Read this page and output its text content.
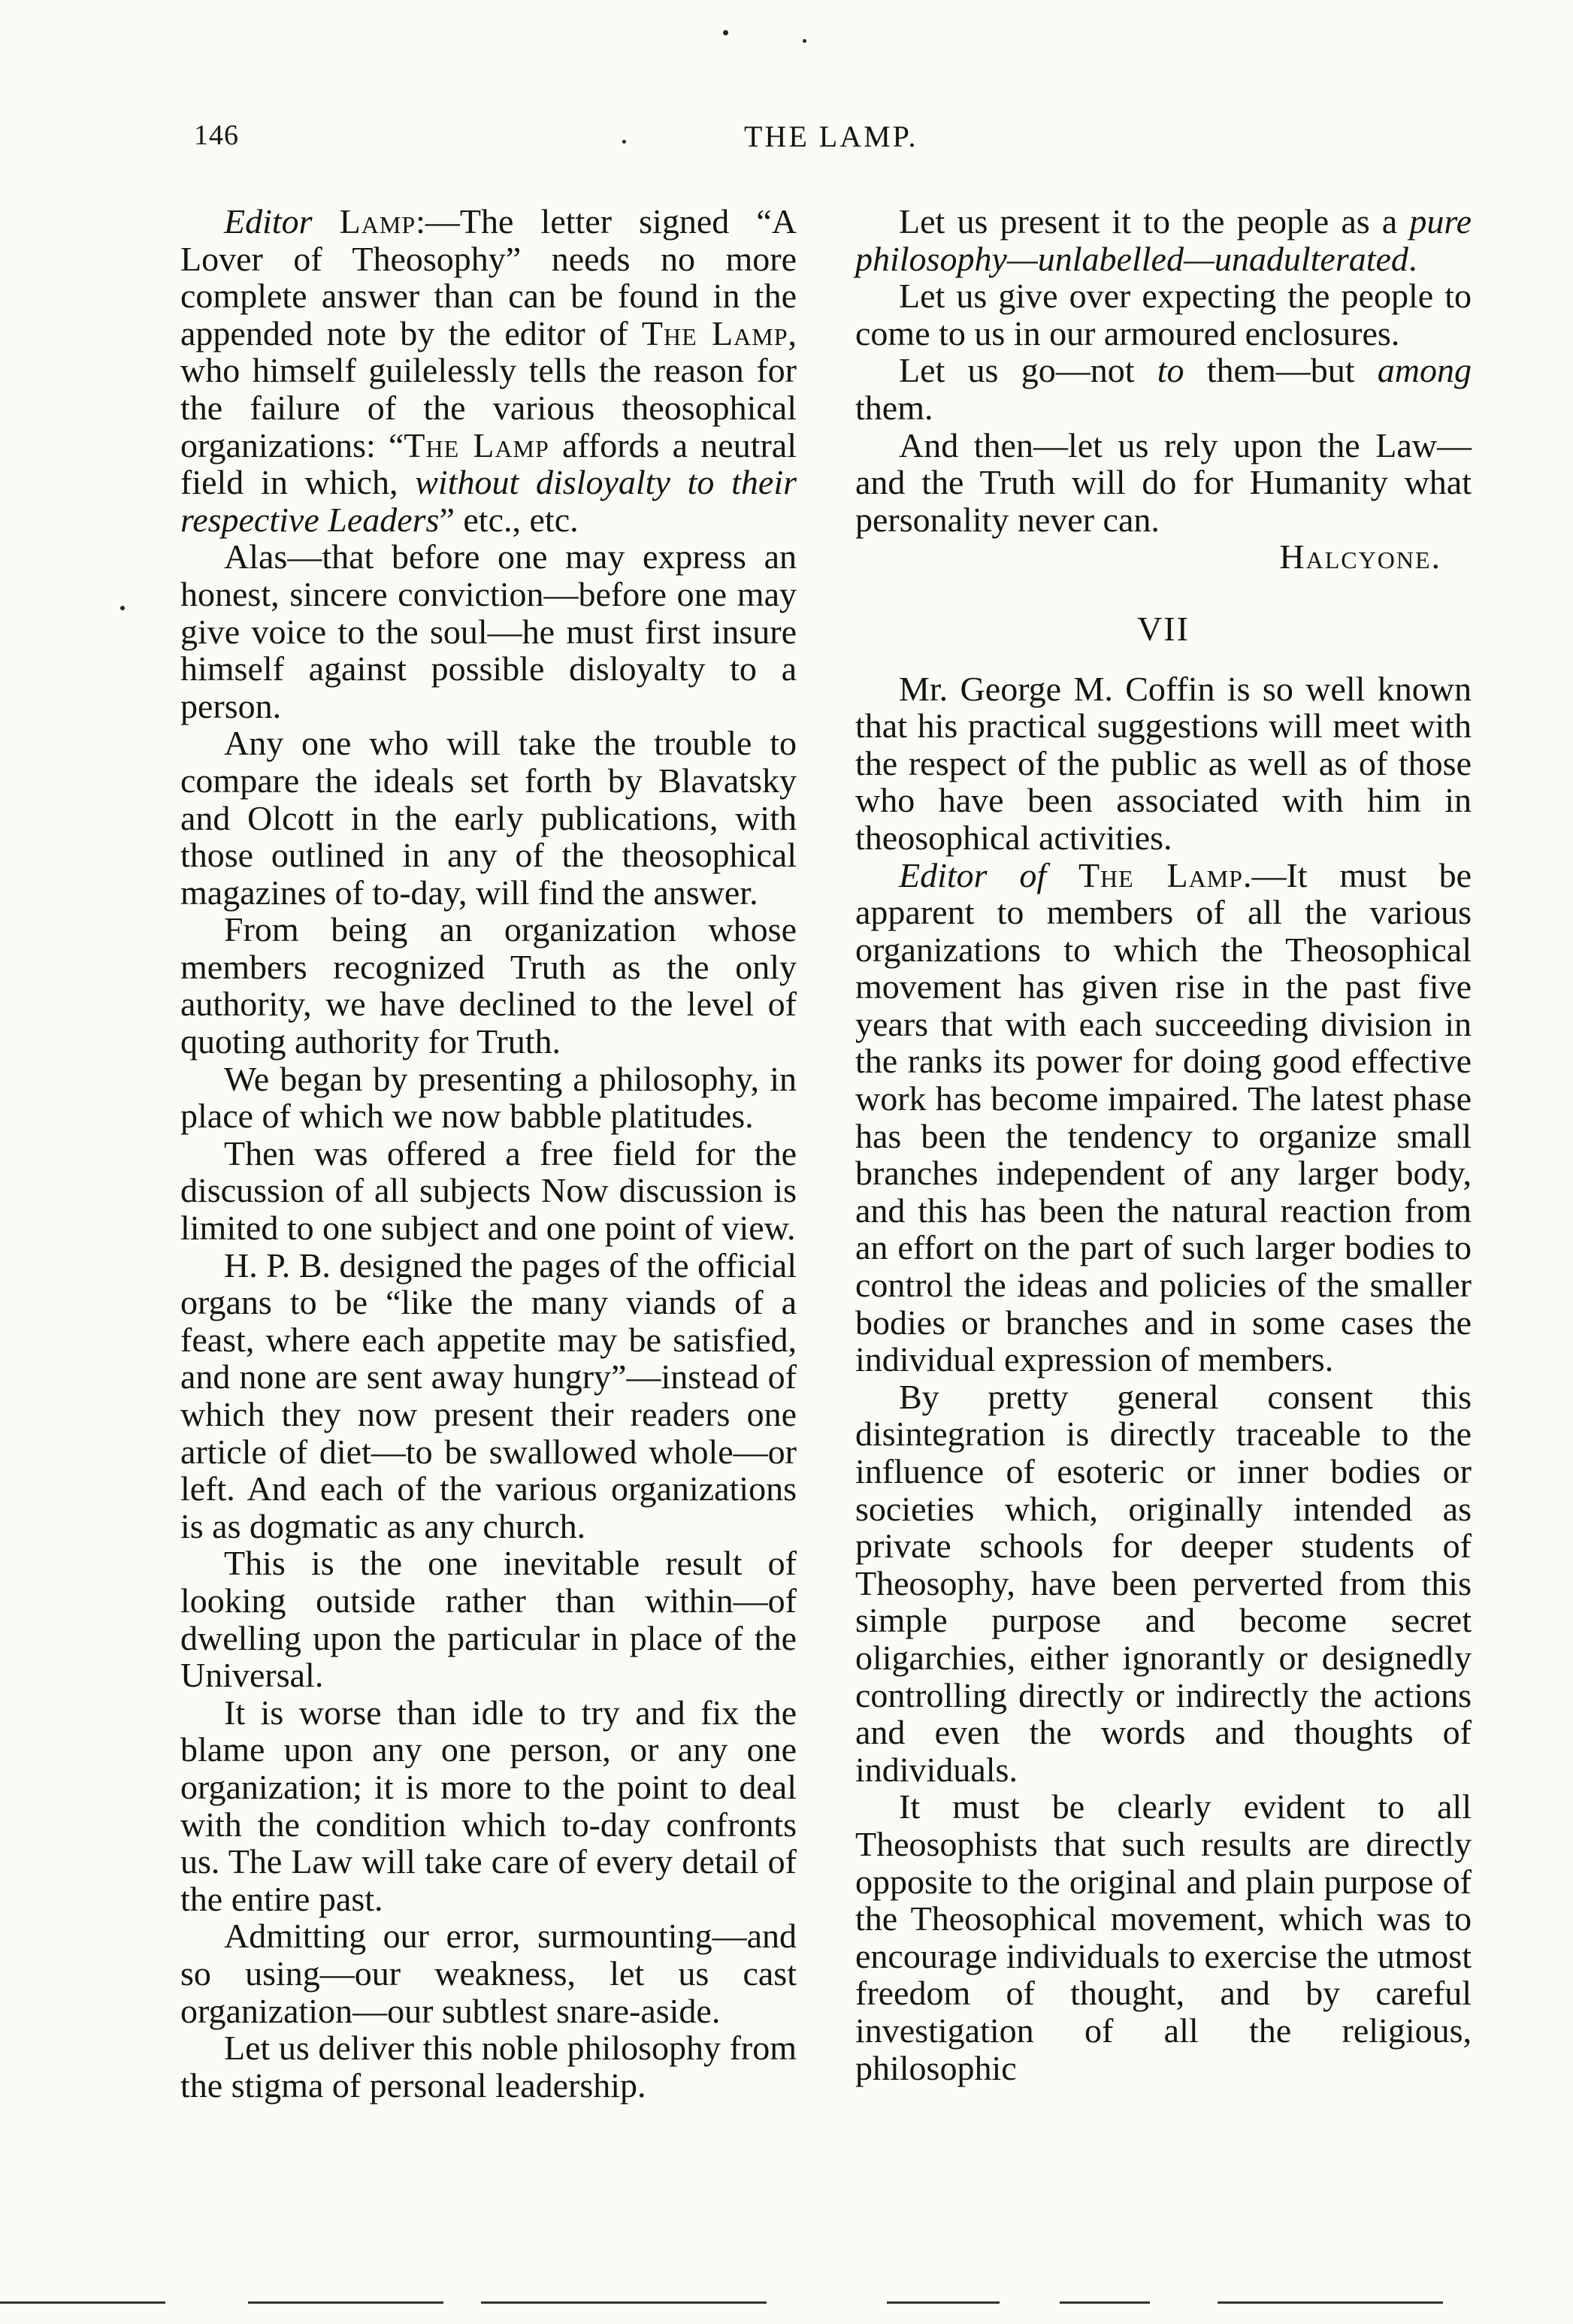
146	THE LAMP.

Editor Lamp:—The letter signed “A Lover of Theosophy” needs no more complete answer than can be found in the appended note by the editor of The Lamp, who himself guilelessly tells the reason for the failure of the various theosophical organizations: “The Lamp affords a neutral field in which, without disloyalty to their respective Leaders” etc., etc.

Alas—that before one may express an honest, sincere conviction—before one may give voice to the soul—he must first insure himself against possible disloyalty to a person.

Any one who will take the trouble to compare the ideals set forth by Blavatsky and Olcott in the early publications, with those outlined in any of the theosophical magazines of to-day, will find the answer.

From being an organization whose members recognized Truth as the only authority, we have declined to the level of quoting authority for Truth.

We began by presenting a philosophy, in place of which we now babble platitudes.

Then was offered a free field for the discussion of all subjects Now discussion is limited to one subject and one point of view.

H. P. B. designed the pages of the official organs to be “like the many viands of a feast, where each appetite may be satisfied, and none are sent away hungry”—instead of which they now present their readers one article of diet—to be swallowed whole—or left. And each of the various organizations is as dogmatic as any church.

This is the one inevitable result of looking outside rather than within—of dwelling upon the particular in place of the Universal.

It is worse than idle to try and fix the blame upon any one person, or any one organization; it is more to the point to deal with the condition which to-day confronts us. The Law will take care of every detail of the entire past.

Admitting our error, surmounting—and so using—our weakness, let us cast organization—our subtlest snare-aside.

Let us deliver this noble philosophy from the stigma of personal leadership.

Let us present it to the people as a pure philosophy—unlabelled—unadulterated.

Let us give over expecting the people to come to us in our armoured enclosures.

Let us go—not to them—but among them.

And then—let us rely upon the Law—and the Truth will do for Humanity what personality never can.

Halcyone.

VII

Mr. George M. Coffin is so well known that his practical suggestions will meet with the respect of the public as well as of those who have been associated with him in theosophical activities.

Editor of The Lamp.—It must be apparent to members of all the various organizations to which the Theosophical movement has given rise in the past five years that with each succeeding division in the ranks its power for doing good effective work has become impaired. The latest phase has been the tendency to organize small branches independent of any larger body, and this has been the natural reaction from an effort on the part of such larger bodies to control the ideas and policies of the smaller bodies or branches and in some cases the individual expression of members.

By pretty general consent this disintegration is directly traceable to the influence of esoteric or inner bodies or societies which, originally intended as private schools for deeper students of Theosophy, have been perverted from this simple purpose and become secret oligarchies, either ignorantly or designedly controlling directly or indirectly the actions and even the words and thoughts of individuals.

It must be clearly evident to all Theosophists that such results are directly opposite to the original and plain purpose of the Theosophical movement, which was to encourage individuals to exercise the utmost freedom of thought, and by careful investigation of all the religious, philosophic
